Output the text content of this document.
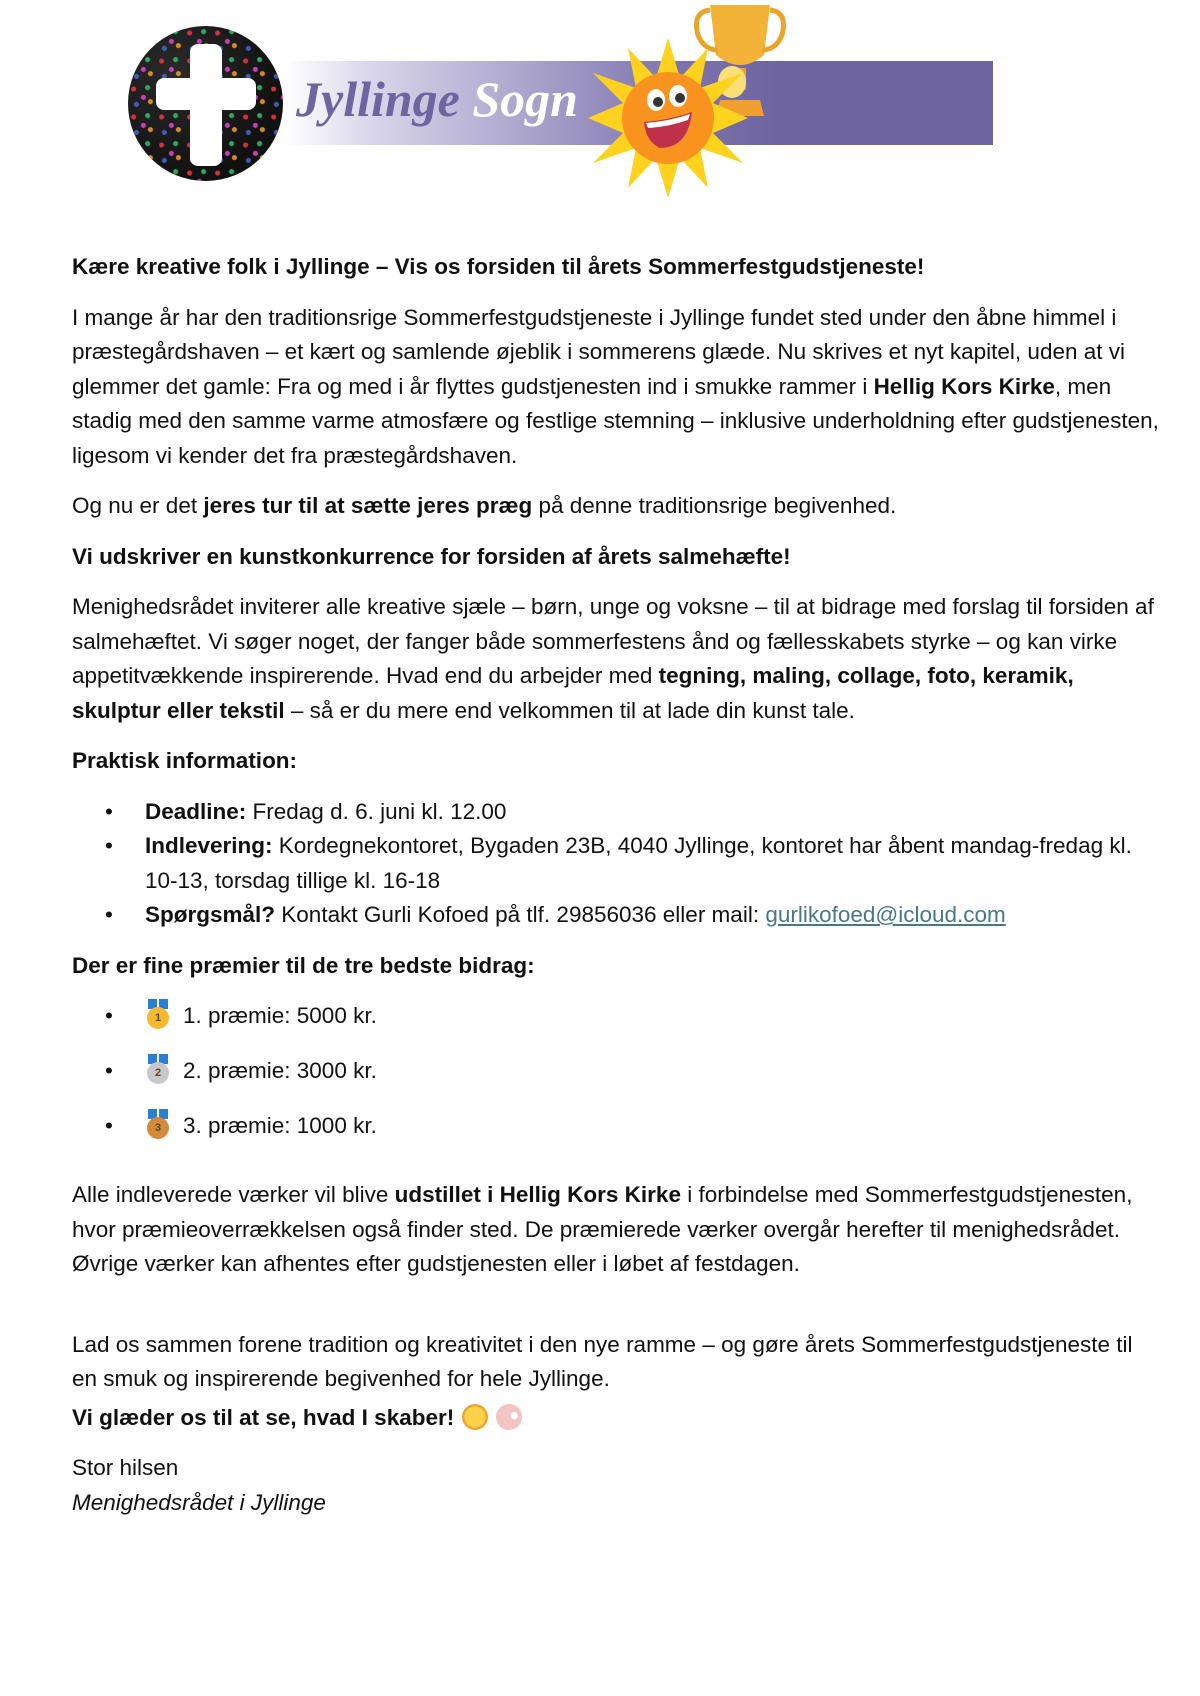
Jyllinge Sogn

Kære kreative folk i Jyllinge – Vis os forsiden til årets Sommerfestgudstjeneste!

I mange år har den traditionsrige Sommerfestgudstjeneste i Jyllinge fundet sted under den åbne himmel i præstegårdshaven – et kært og samlende øjeblik i sommerens glæde. Nu skrives et nyt kapitel, uden at vi glemmer det gamle: Fra og med i år flyttes gudstjenesten ind i smukke rammer i Hellig Kors Kirke, men stadig med den samme varme atmosfære og festlige stemning – inklusive underholdning efter gudstjenesten, ligesom vi kender det fra præstegårdshaven.

Og nu er det jeres tur til at sætte jeres præg på denne traditionsrige begivenhed.

Vi udskriver en kunstkonkurrence for forsiden af årets salmehæfte!

Menighedsrådet inviterer alle kreative sjæle – børn, unge og voksne – til at bidrage med forslag til forsiden af salmehæftet. Vi søger noget, der fanger både sommerfestens ånd og fællesskabets styrke – og kan virke appetitvækkende inspirerende. Hvad end du arbejder med tegning, maling, collage, foto, keramik, skulptur eller tekstil – så er du mere end velkommen til at lade din kunst tale.

Praktisk information:

• Deadline: Fredag d. 6. juni kl. 12.00
• Indlevering: Kordegnekontoret, Bygaden 23B, 4040 Jyllinge, kontoret har åbent mandag-fredag kl. 10-13, torsdag tillige kl. 16-18
• Spørgsmål? Kontakt Gurli Kofoed på tlf. 29856036 eller mail: gurlikofoed@icloud.com

Der er fine præmier til de tre bedste bidrag:

•	1 1. præmie: 5000 kr.
•	2 2. præmie: 3000 kr.
•	3 3. præmie: 1000 kr.

Alle indleverede værker vil blive udstillet i Hellig Kors Kirke i forbindelse med Sommerfestgudstjenesten, hvor præmieoverrækkelsen også finder sted. De præmierede værker overgår herefter til menighedsrådet. Øvrige værker kan afhentes efter gudstjenesten eller i løbet af festdagen.

Lad os sammen forene tradition og kreativitet i den nye ramme – og gøre årets Sommerfestgudstjeneste til en smuk og inspirerende begivenhed for hele Jyllinge.

Vi glæder os til at se, hvad I skaber!

Stor hilsen

Menighedsrådet i Jyllinge
